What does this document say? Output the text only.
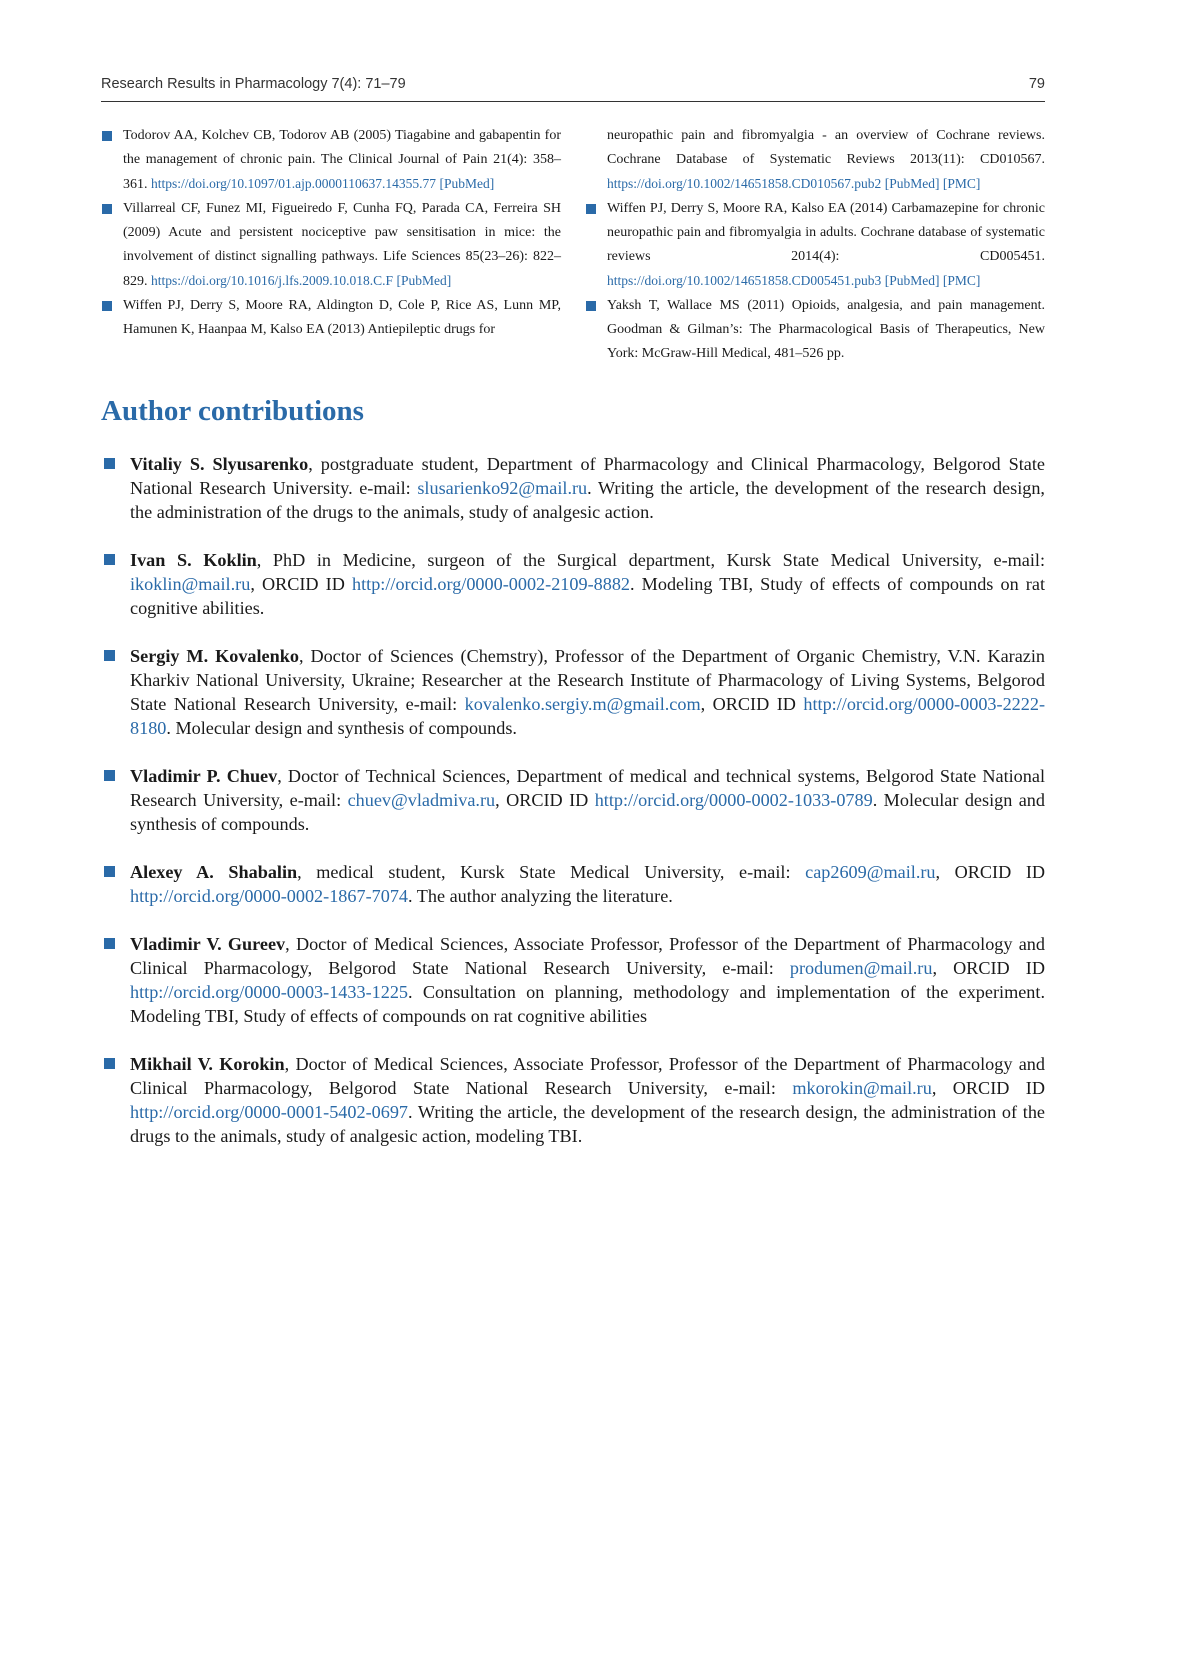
Research Results in Pharmacology 7(4): 71–79	79
Todorov AA, Kolchev CB, Todorov AB (2005) Tiagabine and gabapentin for the management of chronic pain. The Clinical Journal of Pain 21(4): 358–361. https://doi.org/10.1097/01.ajp.0000110637.14355.77 [PubMed]
Villarreal CF, Funez MI, Figueiredo F, Cunha FQ, Parada CA, Ferreira SH (2009) Acute and persistent nociceptive paw sensitisation in mice: the involvement of distinct signalling pathways. Life Sciences 85(23–26): 822–829. https://doi.org/10.1016/j.lfs.2009.10.018.C.F [PubMed]
Wiffen PJ, Derry S, Moore RA, Aldington D, Cole P, Rice AS, Lunn MP, Hamunen K, Haanpaa M, Kalso EA (2013) Antiepileptic drugs for
neuropathic pain and fibromyalgia - an overview of Cochrane reviews. Cochrane Database of Systematic Reviews 2013(11): CD010567. https://doi.org/10.1002/14651858.CD010567.pub2 [PubMed] [PMC]
Wiffen PJ, Derry S, Moore RA, Kalso EA (2014) Carbamazepine for chronic neuropathic pain and fibromyalgia in adults. Cochrane database of systematic reviews 2014(4): CD005451. https://doi.org/10.1002/14651858.CD005451.pub3 [PubMed] [PMC]
Yaksh T, Wallace MS (2011) Opioids, analgesia, and pain management. Goodman & Gilman’s: The Pharmacological Basis of Therapeutics, New York: McGraw-Hill Medical, 481–526 pp.
Author contributions
Vitaliy S. Slyusarenko, postgraduate student, Department of Pharmacology and Clinical Pharmacology, Belgorod State National Research University. e-mail: slusarienko92@mail.ru. Writing the article, the development of the research design, the administration of the drugs to the animals, study of analgesic action.
Ivan S. Koklin, PhD in Medicine, surgeon of the Surgical department, Kursk State Medical University, e-mail: ikoklin@mail.ru, ORCID ID http://orcid.org/0000-0002-2109-8882. Modeling TBI, Study of effects of compounds on rat cognitive abilities.
Sergiy M. Kovalenko, Doctor of Sciences (Chemstry), Professor of the Department of Organic Chemistry, V.N. Karazin Kharkiv National University, Ukraine; Researcher at the Research Institute of Pharmacology of Living Systems, Belgorod State National Research University, e-mail: kovalenko.sergiy.m@gmail.com, ORCID ID http://orcid.org/0000-0003-2222-8180. Molecular design and synthesis of compounds.
Vladimir P. Chuev, Doctor of Technical Sciences, Department of medical and technical systems, Belgorod State National Research University, e-mail: chuev@vladmiva.ru, ORCID ID http://orcid.org/0000-0002-1033-0789. Molecular design and synthesis of compounds.
Alexey A. Shabalin, medical student, Kursk State Medical University, e-mail: cap2609@mail.ru, ORCID ID http://orcid.org/0000-0002-1867-7074. The author analyzing the literature.
Vladimir V. Gureev, Doctor of Medical Sciences, Associate Professor, Professor of the Department of Pharmacology and Clinical Pharmacology, Belgorod State National Research University, e-mail: produmen@mail.ru, ORCID ID http://orcid.org/0000-0003-1433-1225. Consultation on planning, methodology and implementation of the experiment. Modeling TBI, Study of effects of compounds on rat cognitive abilities
Mikhail V. Korokin, Doctor of Medical Sciences, Associate Professor, Professor of the Department of Pharmacology and Clinical Pharmacology, Belgorod State National Research University, e-mail: mkorokin@mail.ru, ORCID ID http://orcid.org/0000-0001-5402-0697. Writing the article, the development of the research design, the administration of the drugs to the animals, study of analgesic action, modeling TBI.
